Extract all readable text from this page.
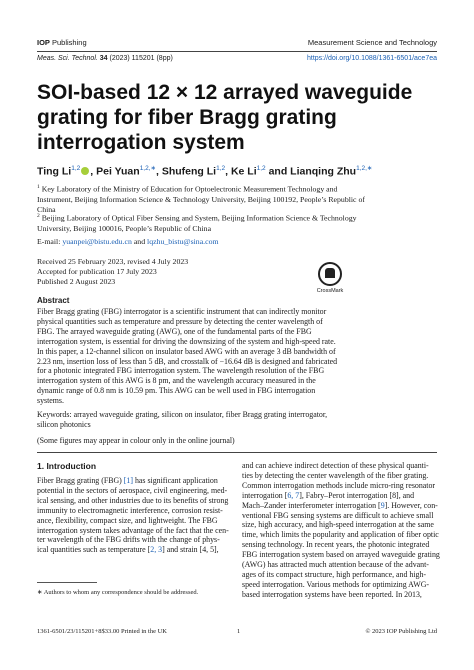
IOP Publishing	Measurement Science and Technology
Meas. Sci. Technol. 34 (2023) 115201 (8pp)	https://doi.org/10.1088/1361-6501/ace7ea
SOI-based 12 × 12 arrayed waveguide
grating for fiber Bragg grating
interrogation system
Ting Li$^{1,2}$ , Pei Yuan$^{1,2,∗}$, Shufeng Li$^{1,2}$, Ke Li$^{1,2}$ and Lianqing Zhu$^{1,2,∗}$
$^1$ Key Laboratory of the Ministry of Education for Optoelectronic Measurement Technology and
Instrument, Beijing Information Science & Technology University, Beijing 100192, People’s Republic of
China
$^2$ Beijing Laboratory of Optical Fiber Sensing and System, Beijing Information Science & Technology
University, Beijing 100016, People’s Republic of China
E-mail: yuanpei@bistu.edu.cn and lqzhu_bistu@sina.com
Received 25 February 2023, revised 4 July 2023
Accepted for publication 17 July 2023
Published 2 August 2023
CrossMark
Abstract
Fiber Bragg grating (FBG) interrogator is a scientific instrument that can indirectly monitor
physical quantities such as temperature and pressure by detecting the center wavelength of
FBG. The arrayed waveguide grating (AWG), one of the fundamental parts of the FBG
interrogation system, is essential for driving the downsizing of the system and high-speed rate.
In this paper, a 12-channel silicon on insulator based AWG with an average 3 dB bandwidth of
2.23 nm, insertion loss of less than 5 dB, and crosstalk of −16.64 dB is designed and fabricated
for a photonic integrated FBG interrogation system. The wavelength resolution of the FBG
interrogation system of this AWG is 8 pm, and the wavelength accuracy measured in the
dynamic range of 0.8 nm is 10.59 pm. This AWG can be well used in FBG interrogation
systems.
Keywords: arrayed waveguide grating, silicon on insulator, fiber Bragg grating interrogator,
silicon photonics
(Some figures may appear in colour only in the online journal)
1. Introduction
Fiber Bragg grating (FBG) [1] has significant application
potential in the sectors of aerospace, civil engineering, med-
ical sensing, and other industries due to its benefits of strong
immunity to electromagnetic interference, corrosion resist-
ance, flexibility, compact size, and lightweight. The FBG
interrogation system takes advantage of the fact that the cen-
ter wavelength of the FBG drifts with the change of phys-
ical quantities such as temperature [2, 3] and strain [4, 5],
and can achieve indirect detection of these physical quanti-
ties by detecting the center wavelength of the fiber grating.
Common interrogation methods include micro-ring resonator
interrogation [6, 7], Fabry–Perot interrogation [8], and
Mach–Zander interferometer interrogation [9]. However, con-
ventional FBG sensing systems are difficult to achieve small
size, high accuracy, and high-speed interrogation at the same
time, which limits the popularity and application of fiber optic
sensing technology. In recent years, the photonic integrated
FBG interrogation system based on arrayed waveguide grating
(AWG) has attracted much attention because of the advant-
ages of its compact structure, high performance, and high-
speed interrogation. Various methods for optimizing AWG-
based interrogation systems have been reported. In 2013,
∗ Authors to whom any correspondence should be addressed.
1361-6501/23/115201+8$33.00 Printed in the UK	1	© 2023 IOP Publishing Ltd
